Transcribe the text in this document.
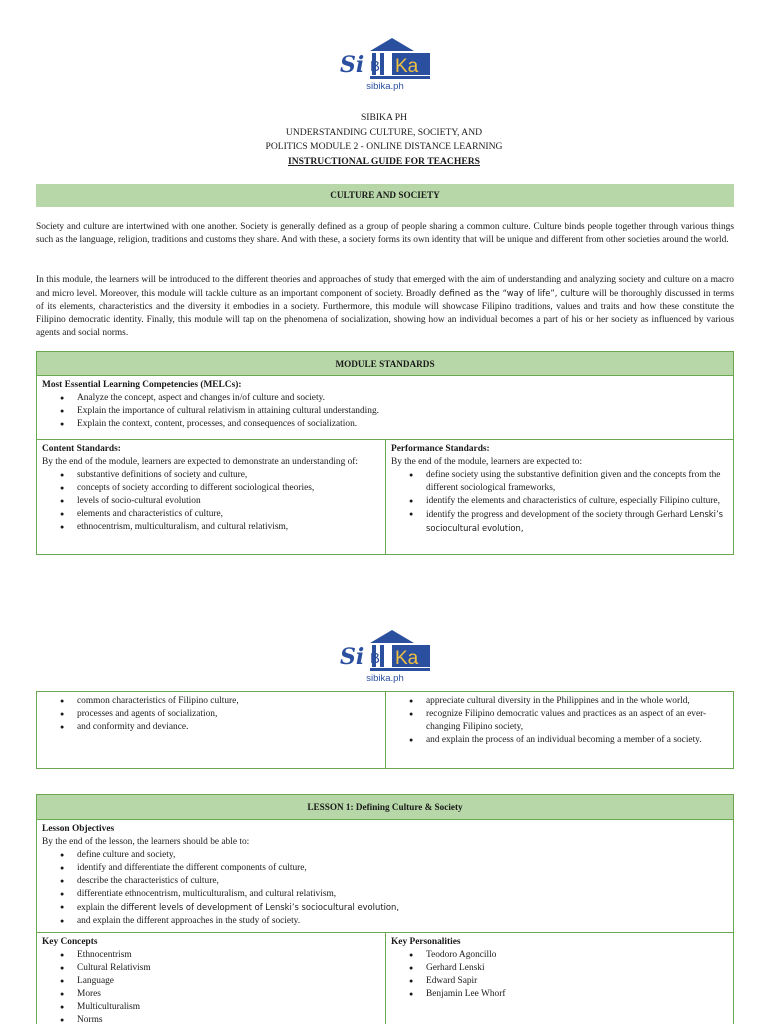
Si BI Ka
sibika.ph
SIBIKA PH
UNDERSTANDING CULTURE, SOCIETY, AND
POLITICS MODULE 2 - ONLINE DISTANCE LEARNING
INSTRUCTIONAL GUIDE FOR TEACHERS
CULTURE AND SOCIETY
Society and culture are intertwined with one another. Society is generally defined as a group of people sharing a common culture. Culture binds people together through various things such as the language, religion, traditions and customs they share. And with these, a society forms its own identity that will be unique and different from other societies around the world.
In this module, the learners will be introduced to the different theories and approaches of study that emerged with the aim of understanding and analyzing society and culture on a macro and micro level. Moreover, this module will tackle culture as an important component of society. Broadly defined as the “way of life”, culture will be thoroughly discussed in terms of its elements, characteristics and the diversity it embodies in a society. Furthermore, this module will showcase Filipino traditions, values and traits and how these constitute the Filipino democratic identity. Finally, this module will tap on the phenomena of socialization, showing how an individual becomes a part of his or her society as influenced by various agents and social norms.
MODULE STANDARDS
Most Essential Learning Competencies (MELCs):
● Analyze the concept, aspect and changes in/of culture and society.
● Explain the importance of cultural relativism in attaining cultural understanding.
● Explain the context, content, processes, and consequences of socialization.
Content Standards:
By the end of the module, learners are expected to demonstrate an understanding of:
● substantive definitions of society and culture,
● concepts of society according to different sociological theories,
● levels of socio-cultural evolution
● elements and characteristics of culture,
● ethnocentrism, multiculturalism, and cultural relativism,
Performance Standards:
By the end of the module, learners are expected to:
● define society using the substantive definition given and the concepts from the different sociological frameworks,
● identify the elements and characteristics of culture, especially Filipino culture,
● identify the progress and development of the society through Gerhard Lenski’s sociocultural evolution,
Si BI Ka
sibika.ph
● common characteristics of Filipino culture,
● processes and agents of socialization,
● and conformity and deviance.
● appreciate cultural diversity in the Philippines and in the whole world,
● recognize Filipino democratic values and practices as an aspect of an ever-changing Filipino society,
● and explain the process of an individual becoming a member of a society.
LESSON 1: Defining Culture & Society
Lesson Objectives
By the end of the lesson, the learners should be able to:
● define culture and society,
● identify and differentiate the different components of culture,
● describe the characteristics of culture,
● differentiate ethnocentrism, multiculturalism, and cultural relativism,
● explain the different levels of development of Lenski’s sociocultural evolution,
● and explain the different approaches in the study of society.
Key Concepts
● Ethnocentrism
● Cultural Relativism
● Language
● Mores
● Multiculturalism
● Norms
Key Personalities
● Teodoro Agoncillo
● Gerhard Lenski
● Edward Sapir
● Benjamin Lee Whorf
